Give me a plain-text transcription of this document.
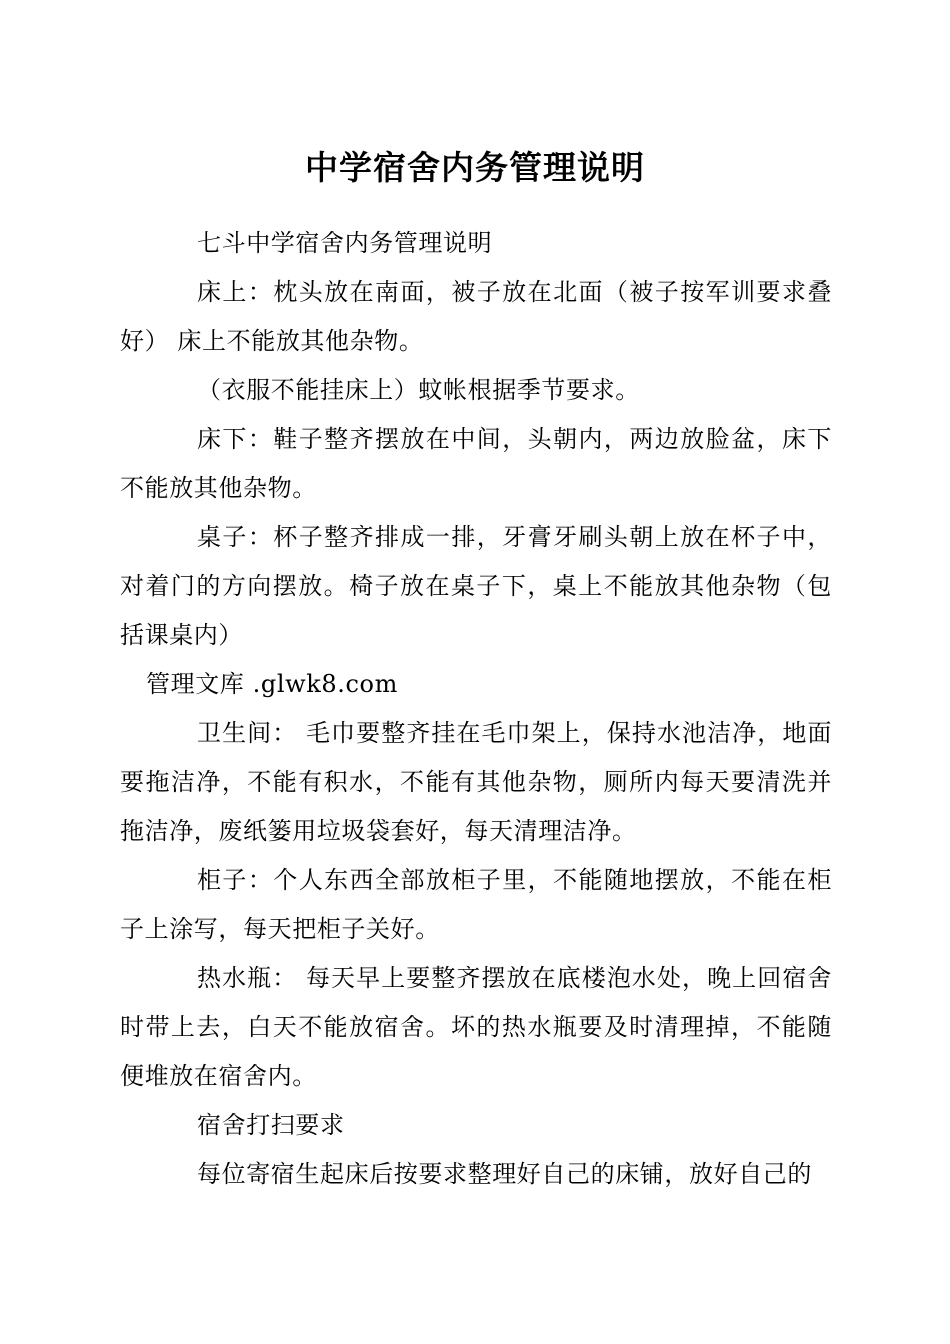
中学宿舍内务管理说明

七斗中学宿舍内务管理说明

床上：枕头放在南面，被子放在北面（被子按军训要求叠好） 床上不能放其他杂物。

（衣服不能挂床上）蚊帐根据季节要求。

床下：鞋子整齐摆放在中间，头朝内，两边放脸盆，床下不能放其他杂物。

桌子：杯子整齐排成一排，牙膏牙刷头朝上放在杯子中，对着门的方向摆放。椅子放在桌子下，桌上不能放其他杂物（包括课桌内）

管理文库 .glwk8.com

卫生间： 毛巾要整齐挂在毛巾架上，保持水池洁净，地面要拖洁净，不能有积水，不能有其他杂物，厕所内每天要清洗并拖洁净，废纸篓用垃圾袋套好，每天清理洁净。

柜子：个人东西全部放柜子里，不能随地摆放，不能在柜子上涂写，每天把柜子关好。

热水瓶： 每天早上要整齐摆放在底楼泡水处，晚上回宿舍时带上去，白天不能放宿舍。坏的热水瓶要及时清理掉，不能随便堆放在宿舍内。

宿舍打扫要求

每位寄宿生起床后按要求整理好自己的床铺，放好自己的
